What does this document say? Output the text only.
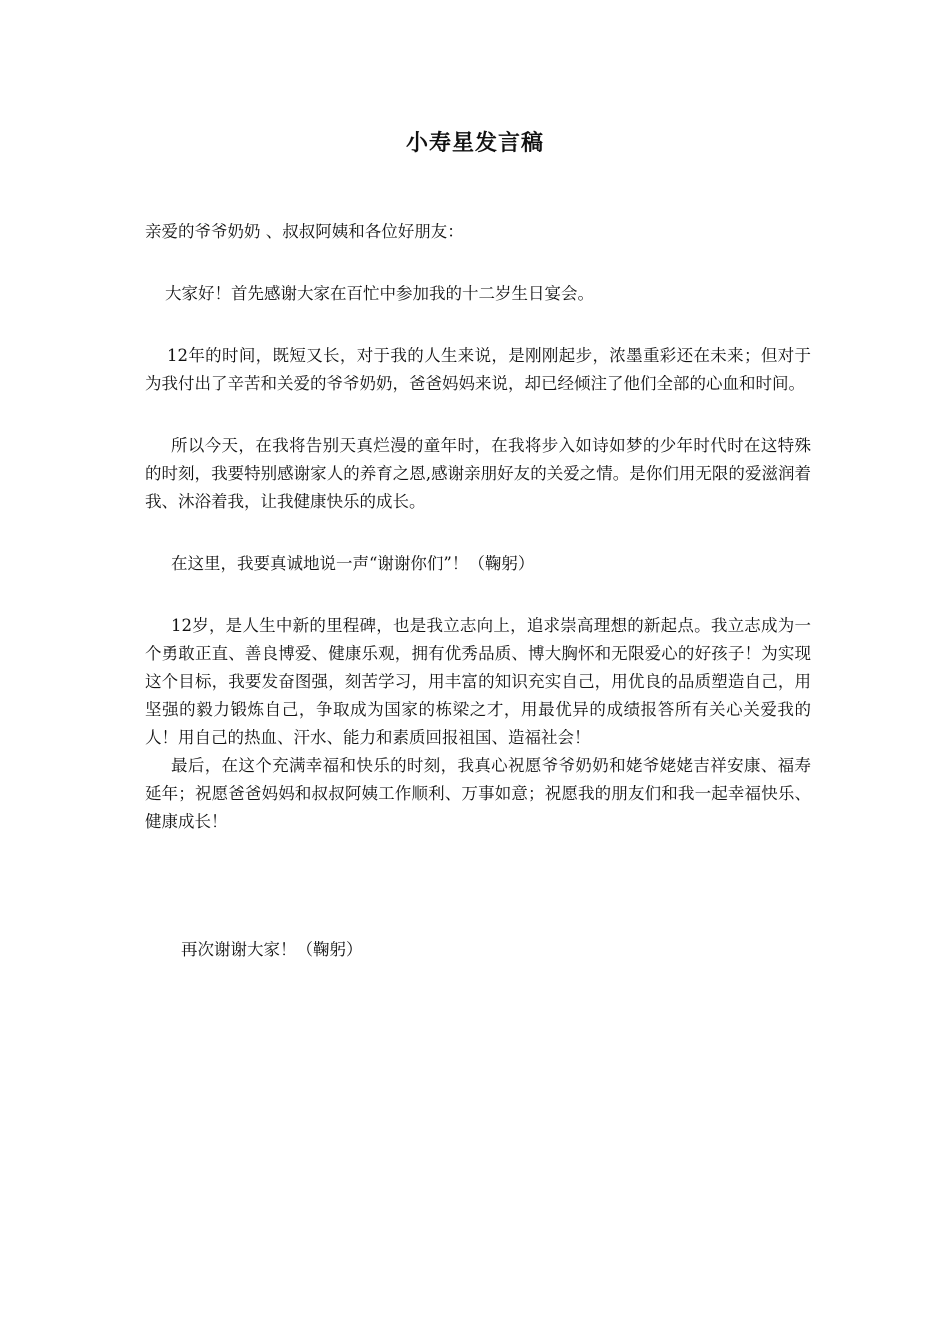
小寿星发言稿

亲爱的爷爷奶奶 、叔叔阿姨和各位好朋友：

大家好！首先感谢大家在百忙中参加我的十二岁生日宴会。

12年的时间，既短又长，对于我的人生来说，是刚刚起步，浓墨重彩还在未来；但对于为我付出了辛苦和关爱的爷爷奶奶，爸爸妈妈来说，却已经倾注了他们全部的心血和时间。

所以今天，在我将告别天真烂漫的童年时，在我将步入如诗如梦的少年时代时在这特殊的时刻，我要特别感谢家人的养育之恩,感谢亲朋好友的关爱之情。是你们用无限的爱滋润着我、沐浴着我，让我健康快乐的成长。

在这里，我要真诚地说一声“谢谢你们”！（鞠躬）

12岁，是人生中新的里程碑，也是我立志向上，追求崇高理想的新起点。我立志成为一个勇敢正直、善良博爱、健康乐观，拥有优秀品质、博大胸怀和无限爱心的好孩子！为实现这个目标，我要发奋图强，刻苦学习，用丰富的知识充实自己，用优良的品质塑造自己，用坚强的毅力锻炼自己，争取成为国家的栋梁之才，用最优异的成绩报答所有关心关爱我的人！用自己的热血、汗水、能力和素质回报祖国、造福社会！

最后，在这个充满幸福和快乐的时刻，我真心祝愿爷爷奶奶和姥爷姥姥吉祥安康、福寿延年；祝愿爸爸妈妈和叔叔阿姨工作顺利、万事如意；祝愿我的朋友们和我一起幸福快乐、健康成长！

再次谢谢大家！（鞠躬）
